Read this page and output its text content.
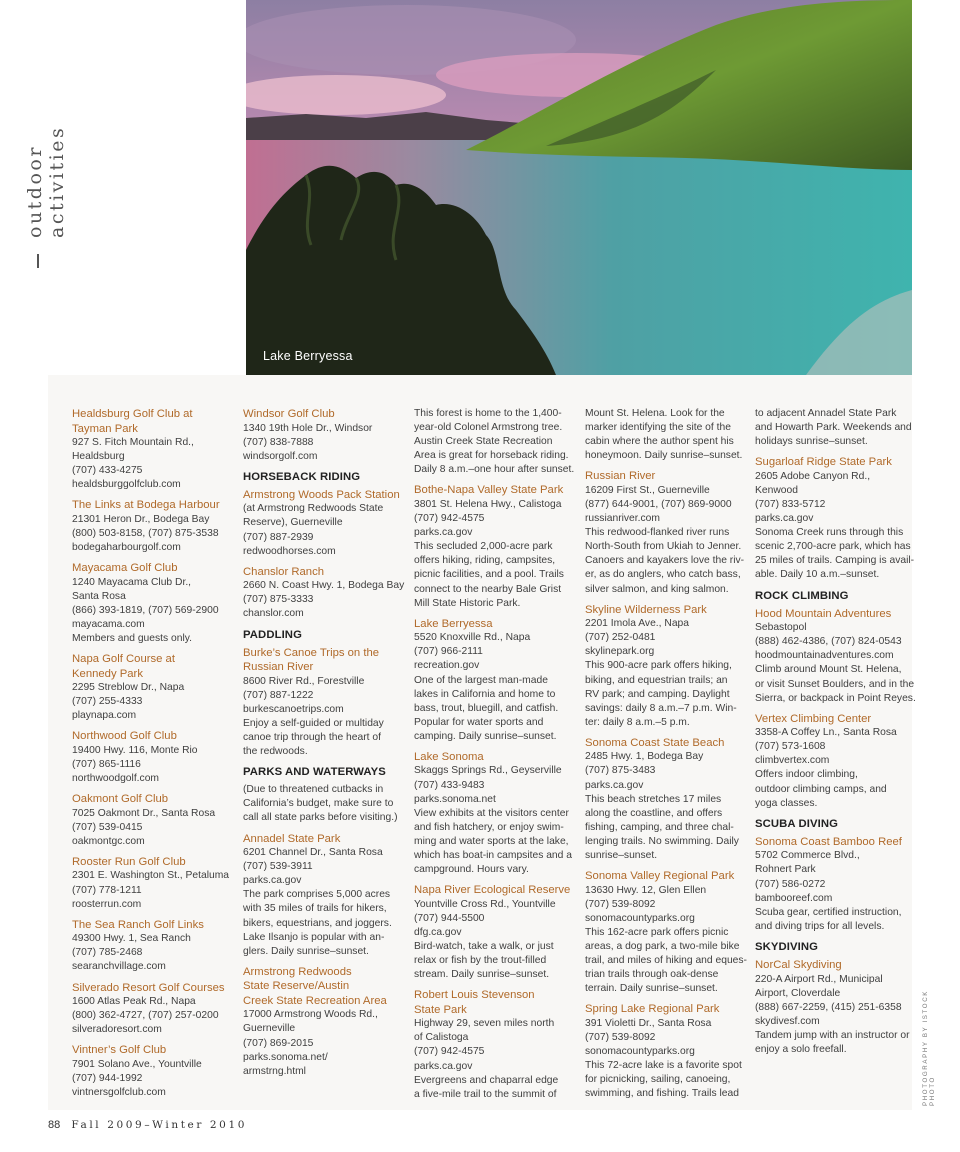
outdoor activities
Lake Berryessa
Healdsburg Golf Club at
Tayman Park
927 S. Fitch Mountain Rd.,
Healdsburg
(707) 433-4275
healdsburggolfclub.com
The Links at Bodega Harbour
21301 Heron Dr., Bodega Bay
(800) 503-8158, (707) 875-3538
bodegaharbourgolf.com
Mayacama Golf Club
1240 Mayacama Club Dr.,
Santa Rosa
(866) 393-1819, (707) 569-2900
mayacama.com
Members and guests only.
Napa Golf Course at
Kennedy Park
2295 Streblow Dr., Napa
(707) 255-4333
playnapa.com
Northwood Golf Club
19400 Hwy. 116, Monte Rio
(707) 865-1116
northwoodgolf.com
Oakmont Golf Club
7025 Oakmont Dr., Santa Rosa
(707) 539-0415
oakmontgc.com
Rooster Run Golf Club
2301 E. Washington St., Petaluma
(707) 778-1211
roosterrun.com
The Sea Ranch Golf Links
49300 Hwy. 1, Sea Ranch
(707) 785-2468
searanchvillage.com
Silverado Resort Golf Courses
1600 Atlas Peak Rd., Napa
(800) 362-4727, (707) 257-0200
silveradoresort.com
Vintner’s Golf Club
7901 Solano Ave., Yountville
(707) 944-1992
vintnersgolfclub.com
Windsor Golf Club
1340 19th Hole Dr., Windsor
(707) 838-7888
windsorgolf.com
HORSEBACK RIDING
Armstrong Woods Pack Station
(at Armstrong Redwoods State
Reserve), Guerneville
(707) 887-2939
redwoodhorses.com
Chanslor Ranch
2660 N. Coast Hwy. 1, Bodega Bay
(707) 875-3333
chanslor.com
PADDLING
Burke’s Canoe Trips on the
Russian River
8600 River Rd., Forestville
(707) 887-1222
burkescanoetrips.com
Enjoy a self-guided or multiday
canoe trip through the heart of
the redwoods.
PARKS AND WATERWAYS
(Due to threatened cutbacks in
California’s budget, make sure to
call all state parks before visiting.)
Annadel State Park
6201 Channel Dr., Santa Rosa
(707) 539-3911
parks.ca.gov
The park comprises 5,000 acres
with 35 miles of trails for hikers,
bikers, equestrians, and joggers.
Lake Ilsanjo is popular with an-
glers. Daily sunrise–sunset.
Armstrong Redwoods
State Reserve/Austin
Creek State Recreation Area
17000 Armstrong Woods Rd.,
Guerneville
(707) 869-2015
parks.sonoma.net/
armstrng.html
This forest is home to the 1,400-
year-old Colonel Armstrong tree.
Austin Creek State Recreation
Area is great for horseback riding.
Daily 8 a.m.–one hour after sunset.
Bothe-Napa Valley State Park
3801 St. Helena Hwy., Calistoga
(707) 942-4575
parks.ca.gov
This secluded 2,000-acre park
offers hiking, riding, campsites,
picnic facilities, and a pool. Trails
connect to the nearby Bale Grist
Mill State Historic Park.
Lake Berryessa
5520 Knoxville Rd., Napa
(707) 966-2111
recreation.gov
One of the largest man-made
lakes in California and home to
bass, trout, bluegill, and catfish.
Popular for water sports and
camping. Daily sunrise–sunset.
Lake Sonoma
Skaggs Springs Rd., Geyserville
(707) 433-9483
parks.sonoma.net
View exhibits at the visitors center
and fish hatchery, or enjoy swim-
ming and water sports at the lake,
which has boat-in campsites and a
campground. Hours vary.
Napa River Ecological Reserve
Yountville Cross Rd., Yountville
(707) 944-5500
dfg.ca.gov
Bird-watch, take a walk, or just
relax or fish by the trout-filled
stream. Daily sunrise–sunset.
Robert Louis Stevenson
State Park
Highway 29, seven miles north
of Calistoga
(707) 942-4575
parks.ca.gov
Evergreens and chaparral edge
a five-mile trail to the summit of
Mount St. Helena. Look for the
marker identifying the site of the
cabin where the author spent his
honeymoon. Daily sunrise–sunset.
Russian River
16209 First St., Guerneville
(877) 644-9001, (707) 869-9000
russianriver.com
This redwood-flanked river runs
North-South from Ukiah to Jenner.
Canoers and kayakers love the riv-
er, as do anglers, who catch bass,
silver salmon, and king salmon.
Skyline Wilderness Park
2201 Imola Ave., Napa
(707) 252-0481
skylinepark.org
This 900-acre park offers hiking,
biking, and equestrian trails; an
RV park; and camping. Daylight
savings: daily 8 a.m.–7 p.m. Win-
ter: daily 8 a.m.–5 p.m.
Sonoma Coast State Beach
2485 Hwy. 1, Bodega Bay
(707) 875-3483
parks.ca.gov
This beach stretches 17 miles
along the coastline, and offers
fishing, camping, and three chal-
lenging trails. No swimming. Daily
sunrise–sunset.
Sonoma Valley Regional Park
13630 Hwy. 12, Glen Ellen
(707) 539-8092
sonomacountyparks.org
This 162-acre park offers picnic
areas, a dog park, a two-mile bike
trail, and miles of hiking and eques-
trian trails through oak-dense
terrain. Daily sunrise–sunset.
Spring Lake Regional Park
391 Violetti Dr., Santa Rosa
(707) 539-8092
sonomacountyparks.org
This 72-acre lake is a favorite spot
for picnicking, sailing, canoeing,
swimming, and fishing. Trails lead
to adjacent Annadel State Park
and Howarth Park. Weekends and
holidays sunrise–sunset.
Sugarloaf Ridge State Park
2605 Adobe Canyon Rd.,
Kenwood
(707) 833-5712
parks.ca.gov
Sonoma Creek runs through this
scenic 2,700-acre park, which has
25 miles of trails. Camping is avail-
able. Daily 10 a.m.–sunset.
ROCK CLIMBING
Hood Mountain Adventures
Sebastopol
(888) 462-4386, (707) 824-0543
hoodmountainadventures.com
Climb around Mount St. Helena,
or visit Sunset Boulders, and in the
Sierra, or backpack in Point Reyes.
Vertex Climbing Center
3358-A Coffey Ln., Santa Rosa
(707) 573-1608
climbvertex.com
Offers indoor climbing,
outdoor climbing camps, and
yoga classes.
SCUBA DIVING
Sonoma Coast Bamboo Reef
5702 Commerce Blvd.,
Rohnert Park
(707) 586-0272
bambooreef.com
Scuba gear, certified instruction,
and diving trips for all levels.
SKYDIVING
NorCal Skydiving
220-A Airport Rd., Municipal
Airport, Cloverdale
(888) 667-2259, (415) 251-6358
skydivesf.com
Tandem jump with an instructor or
enjoy a solo freefall.
88 Fall 2009–Winter 2010
PHOTOGRAPHY BY ISTOCK PHOTO
